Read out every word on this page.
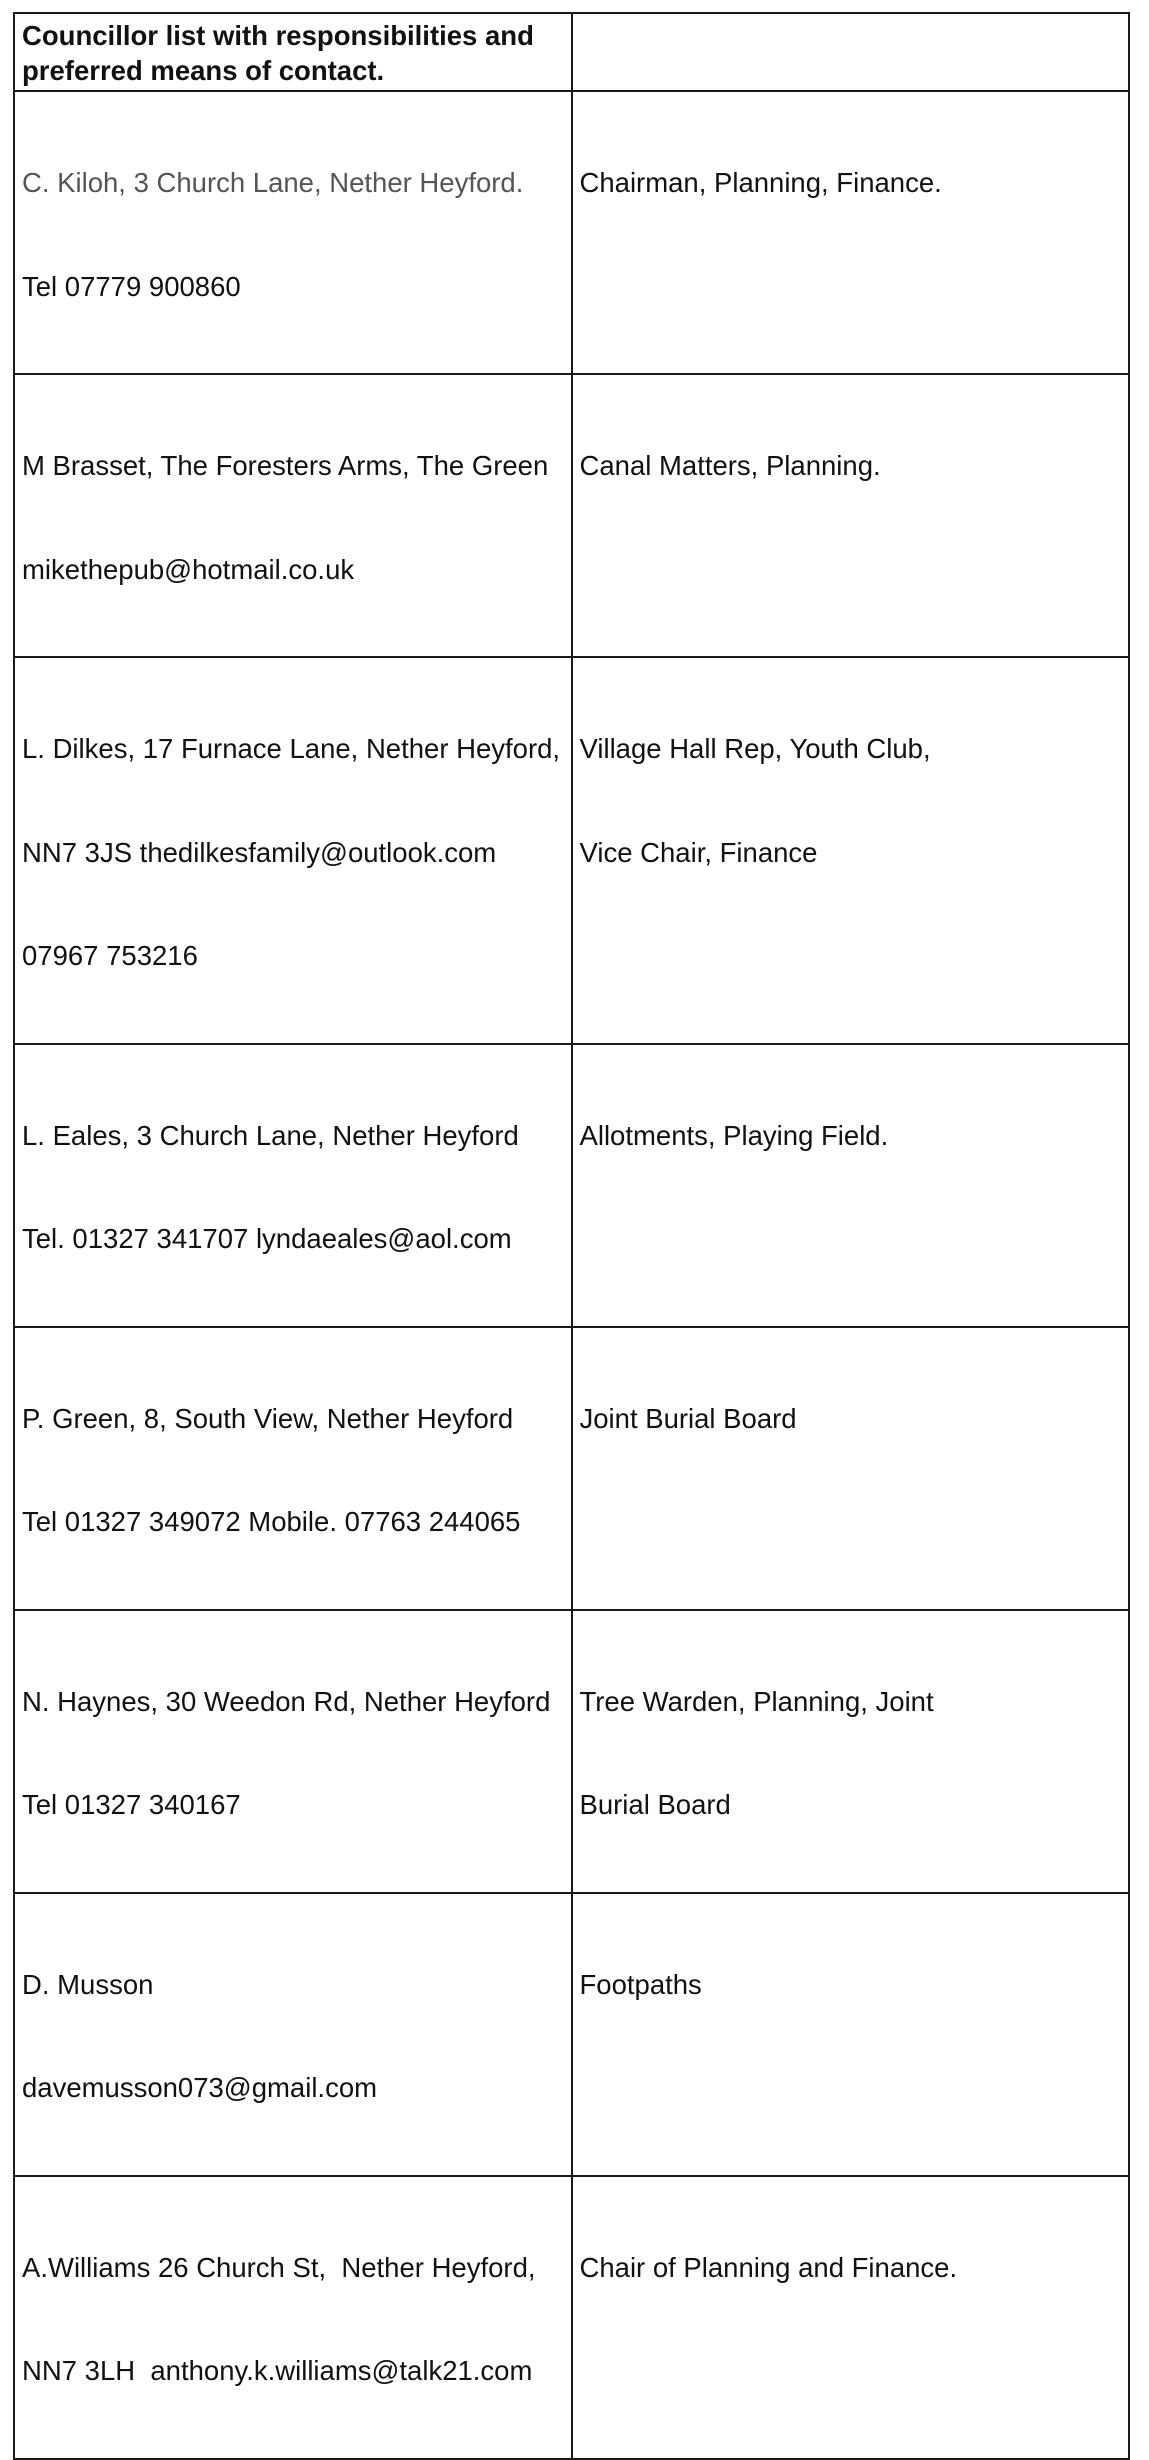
Councillor list with responsibilities and
preferred means of contact.	

C. Kiloh, 3 Church Lane, Nether Heyford.

Tel 07779 900860	Chairman, Planning, Finance.

M Brasset, The Foresters Arms, The Green

mikethepub@hotmail.co.uk	Canal Matters, Planning.

L. Dilkes, 17 Furnace Lane, Nether Heyford,

NN7 3JS thedilkesfamily@outlook.com

07967 753216	Village Hall Rep, Youth Club,

Vice Chair, Finance

L. Eales, 3 Church Lane, Nether Heyford

Tel. 01327 341707 lyndaeales@aol.com	Allotments, Playing Field.

P. Green, 8, South View, Nether Heyford

Tel 01327 349072 Mobile. 07763 244065	Joint Burial Board

N. Haynes, 30 Weedon Rd, Nether Heyford

Tel 01327 340167	Tree Warden, Planning, Joint

Burial Board

D. Musson

davemusson073@gmail.com	Footpaths

A.Williams 26 Church St,  Nether Heyford,

NN7 3LH  anthony.k.williams@talk21.com	Chair of Planning and Finance.
